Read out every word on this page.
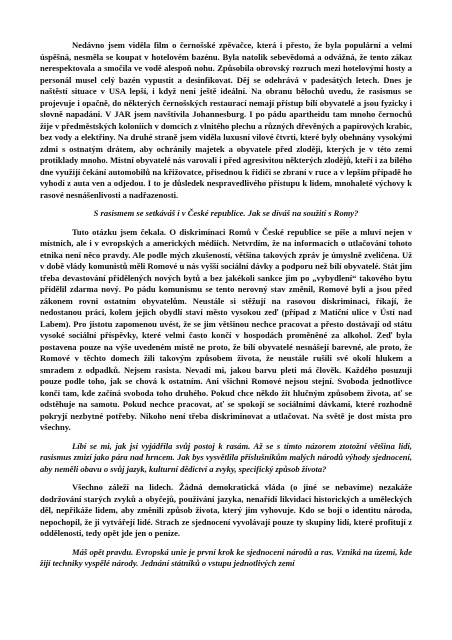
Nedávno jsem viděla film o černošské zpěvačce, která i přesto, že byla populární a velmi úspěšná, nesměla se koupat v hotelovém bazénu. Byla natolik sebevědomá a odvážná, že tento zákaz nerespektovala a smočila ve vodě alespoň nohu. Způsobila obrovský rozruch mezi hotelovými hosty a personál musel celý bazén vypustit a desinfikovat. Děj se odehrává v padesátých letech. Dnes je naštěstí situace v USA lepší, i když není ještě ideální. Na obranu bělochů uvedu, že rasismus se projevuje i opačně, do některých černošských restaurací nemají přístup bílí obyvatelé a jsou fyzicky i slovně napadáni. V JAR jsem navštívila Johannesburg. I po pádu apartheidu tam mnoho černochů žije v předměstských koloniích v domcích z vlnitého plechu a různých dřevěných a papírových krabic, bez vody a elektřiny. Na druhé straně jsem viděla luxusní vilové čtvrti, které byly obehnány vysokými zdmi s ostnatým drátem, aby ochránily majetek a obyvatele před zloději, kterých je v této zemi protiklady mnoho. Místní obyvatelé nás varovali i před agresivitou některých zlodějů, kteří i za bílého dne využijí čekání automobilů na křižovatce, přisednou k řidiči se zbraní v ruce a v lepším případě ho vyhodí z auta ven a odjedou. I to je důsledek nespravedlivého přístupu k lidem, mnohaleté výchovy k rasové nesnášenlivosti a nadřazenosti.

S rasismem se setkáváš i v České republice. Jak se díváš na soužití s Romy?

Tuto otázku jsem čekala. O diskriminaci Romů v České republice se píše a mluví nejen v místních, ale i v evropských a amerických médiích. Netvrdím, že na informacích o utlačování tohoto etnika není něco pravdy. Ale podle mých zkušeností, většina takových zpráv je úmyslně zveličena. Už v době vlády komunistů měli Romové u nás vyšší sociální dávky a podporu než bílí obyvatelé. Stát jim třeba devastování přidělených nových bytů a bez jakékoli sankce jim po „vybydlení“ takového bytu přidělil zdarma nový. Po pádu komunismu se tento nerovný stav změnil, Romové byli a jsou před zákonem rovni ostatním obyvatelům. Neustále si stěžují na rasovou diskriminaci, říkají, že nedostanou práci, kolem jejich obydlí staví město vysokou zeď (případ z Matiční ulice v Ústí nad Labem). Pro jistotu zapomenou uvést, že se jim většinou nechce pracovat a přesto dostávají od státu vysoké sociální příspěvky, které velmi často končí v hospodách proměněné za alkohol. Zeď byla postavena pouze na výše uvedeném místě ne proto, že bílí obyvatelé nesnášejí barevné, ale proto, že Romové v těchto domech žili takovým způsobem života, že neustále rušili své okolí hlukem a smradem z odpadků. Nejsem rasista. Nevadí mi, jakou barvu pleti má člověk. Každého posuzuji pouze podle toho, jak se chová k ostatním. Ani všichni Romové nejsou stejní. Svoboda jednotlivce končí tam, kde začíná svoboda toho druhého. Pokud chce někdo žít hlučným způsobem života, ať se odstěhuje na samotu. Pokud nechce pracovat, ať se spokojí se sociálními dávkami, které rozhodně pokryjí nezbytné potřeby. Nikoho není třeba diskriminovat a utlačovat. Na světě je dost místa pro všechny.

Líbí se mi, jak jsi vyjádřila svůj postoj k rasám. Až se s tímto názorem ztotožní většina lidí, rasismus zmizí jako pára nad hrncem. Jak bys vysvětlila příslušníkům malých národů výhody sjednocení, aby neměli obavu o svůj jazyk, kulturní dědictví a zvyky, specifický způsob života?

Všechno záleží na lidech. Žádná demokratická vláda (o jiné se nebavíme) nezakáže dodržování starých zvyků a obyčejů, používání jazyka, nenařídí likvidaci historických a uměleckých děl, nepřikáže lidem, aby změnili způsob života, který jim vyhovuje. Kdo se bojí o identitu národa, nepochopil, že ji vytvářejí lidé. Strach ze sjednocení vyvolávají pouze ty skupiny lidí, které profitují z oddělenosti, tedy opět jde jen o peníze.

Máš opět pravdu. Evropská unie je první krok ke sjednocení národů a ras. Vzniká na území, kde žijí techniky vyspělé národy. Jednání státníků o vstupu jednotlivých zemí
